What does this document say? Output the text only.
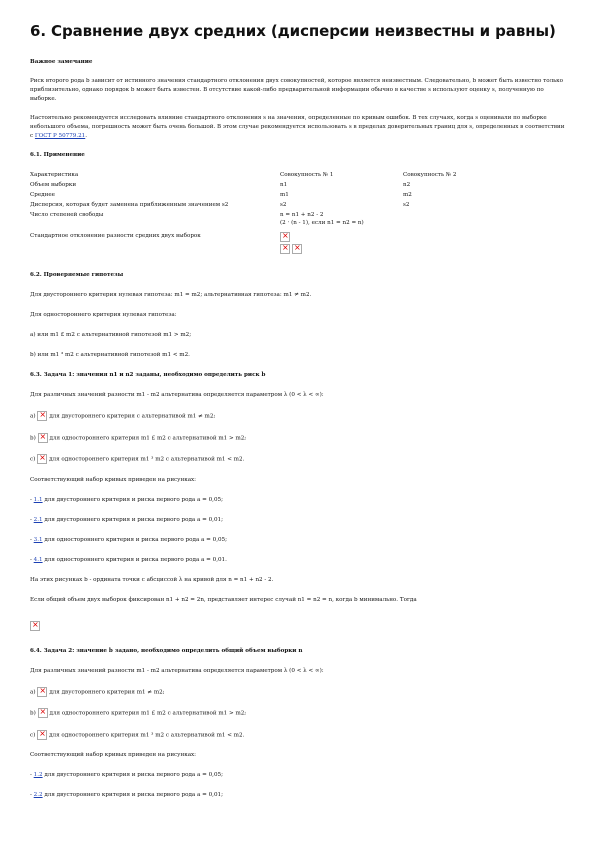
6. Сравнение двух средних (дисперсии неизвестны и равны)

Важное замечание

Риск второго рода b зависит от истинного значения стандартного отклонения двух совокупностей, которое является неизвестным. Следовательно, b может быть известно только приблизительно, однако порядок b может быть известен. В отсутствие какой-либо предварительной информации обычно в качестве s используют оценку s, полученную по выборке.

Настоятельно рекомендуется исследовать влияние стандартного отклонения s на значения, определенные по кривым ошибок. В тех случаях, когда s оценивали по выборке небольшого объема, погрешность может быть очень большой. В этом случае рекомендуется использовать s в пределах доверительных границ для s, определенных в соответствии с ГОСТ Р 50779.21.

6.1. Применение

Характеристика	Совокупность № 1	Совокупность № 2
Объем выборки	n1	n2
Среднее	m1	m2
Дисперсия, которая будет заменена приближенным значением s2	s2	s2
Число степеней свободы	n = n1 + n2 - 2
(2 · (n - 1), если n1 = n2 = n)	

Стандартное отклонение разности средних двух выборок	
×
××

6.2. Проверяемые гипотезы

Для двустороннего критерия нулевая гипотеза: m1 = m2; альтернативная гипотеза: m1 ≠ m2.

Для одностороннего критерия нулевая гипотеза:

a) или m1 £ m2 с альтернативной гипотезой m1 > m2;

b) или m1 ³ m2 с альтернативной гипотезой m1 < m2.

6.3. Задача 1: значения n1 и n2 заданы, необходимо определить риск b

Для различных значений разности m1 - m2 альтернатива определяется параметром λ (0 < λ < ∞):

a) × для двустороннего критерия с альтернативой m1 ≠ m2;

b) × для одностороннего критерия m1 £ m2 с альтернативой m1 > m2;

c) × для одностороннего критерия m1 ³ m2 с альтернативой m1 < m2.

Соответствующий набор кривых приведен на рисунках:

- 1.1 для двустороннего критерия и риска первого рода a = 0,05;

- 2.1 для двустороннего критерия и риска первого рода a = 0,01;

- 3.1 для одностороннего критерия и риска первого рода a = 0,05;

- 4.1 для одностороннего критерия и риска первого рода a = 0,01.

На этих рисунках b - ордината точки с абсциссой λ на кривой для n = n1 + n2 - 2.

Если общий объем двух выборок фиксирован n1 + n2 = 2n, представляет интерес случай n1 = n2 = n, когда b минимально. Тогда

×

6.4. Задача 2: значение b задано, необходимо определить общий объем выборки n

Для различных значений разности m1 - m2 альтернатива определяется параметром λ (0 < λ < ∞):

a) × для двустороннего критерия m1 ≠ m2;

b) × для одностороннего критерия m1 £ m2 с альтернативой m1 > m2;

c) × для одностороннего критерия m1 ³ m2 с альтернативой m1 < m2.

Соответствующий набор кривых приведен на рисунках:

- 1.2 для двустороннего критерия и риска первого рода a = 0,05;

- 2.2 для двустороннего критерия и риска первого рода a = 0,01;
